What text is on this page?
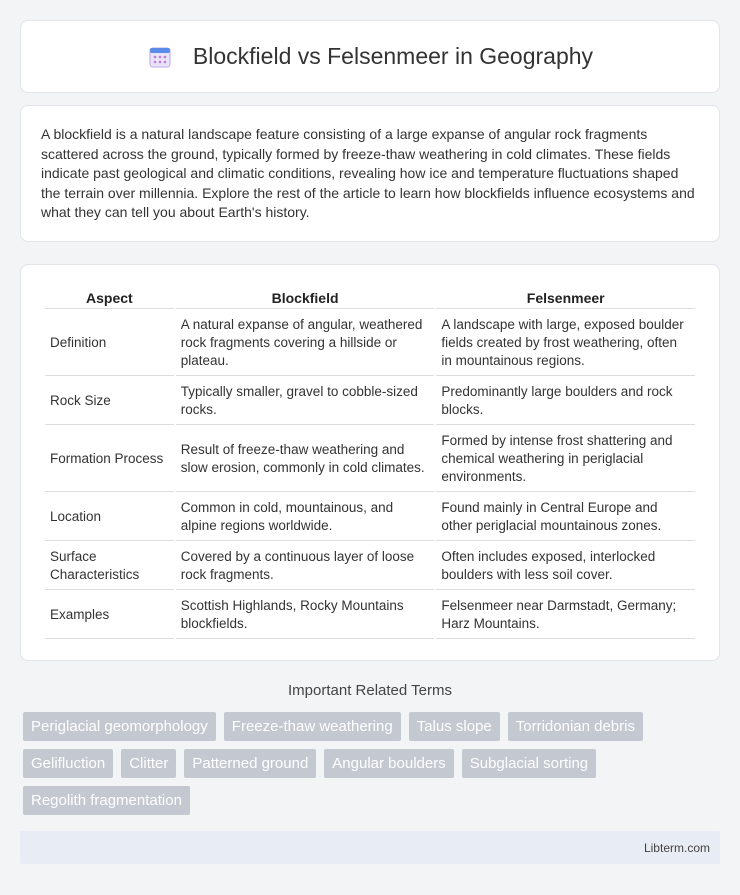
Blockfield vs Felsenmeer in Geography

A blockfield is a natural landscape feature consisting of a large expanse of angular rock fragments scattered across the ground, typically formed by freeze-thaw weathering in cold climates. These fields indicate past geological and climatic conditions, revealing how ice and temperature fluctuations shaped the terrain over millennia. Explore the rest of the article to learn how blockfields influence ecosystems and what they can tell you about Earth's history.

Aspect	Blockfield	Felsenmeer
Definition	A natural expanse of angular, weathered rock fragments covering a hillside or plateau.	A landscape with large, exposed boulder fields created by frost weathering, often in mountainous regions.
Rock Size	Typically smaller, gravel to cobble-sized rocks.	Predominantly large boulders and rock blocks.
Formation Process	Result of freeze-thaw weathering and slow erosion, commonly in cold climates.	Formed by intense frost shattering and chemical weathering in periglacial environments.
Location	Common in cold, mountainous, and alpine regions worldwide.	Found mainly in Central Europe and other periglacial mountainous zones.
Surface Characteristics	Covered by a continuous layer of loose rock fragments.	Often includes exposed, interlocked boulders with less soil cover.
Examples	Scottish Highlands, Rocky Mountains blockfields.	Felsenmeer near Darmstadt, Germany; Harz Mountains.
Important Related Terms
Periglacial geomorphology	Freeze-thaw weathering	Talus slope	Torridonian debris
Gelifluction	Clitter	Patterned ground	Angular boulders	Subglacial sorting
Regolith fragmentation
Libterm.com
